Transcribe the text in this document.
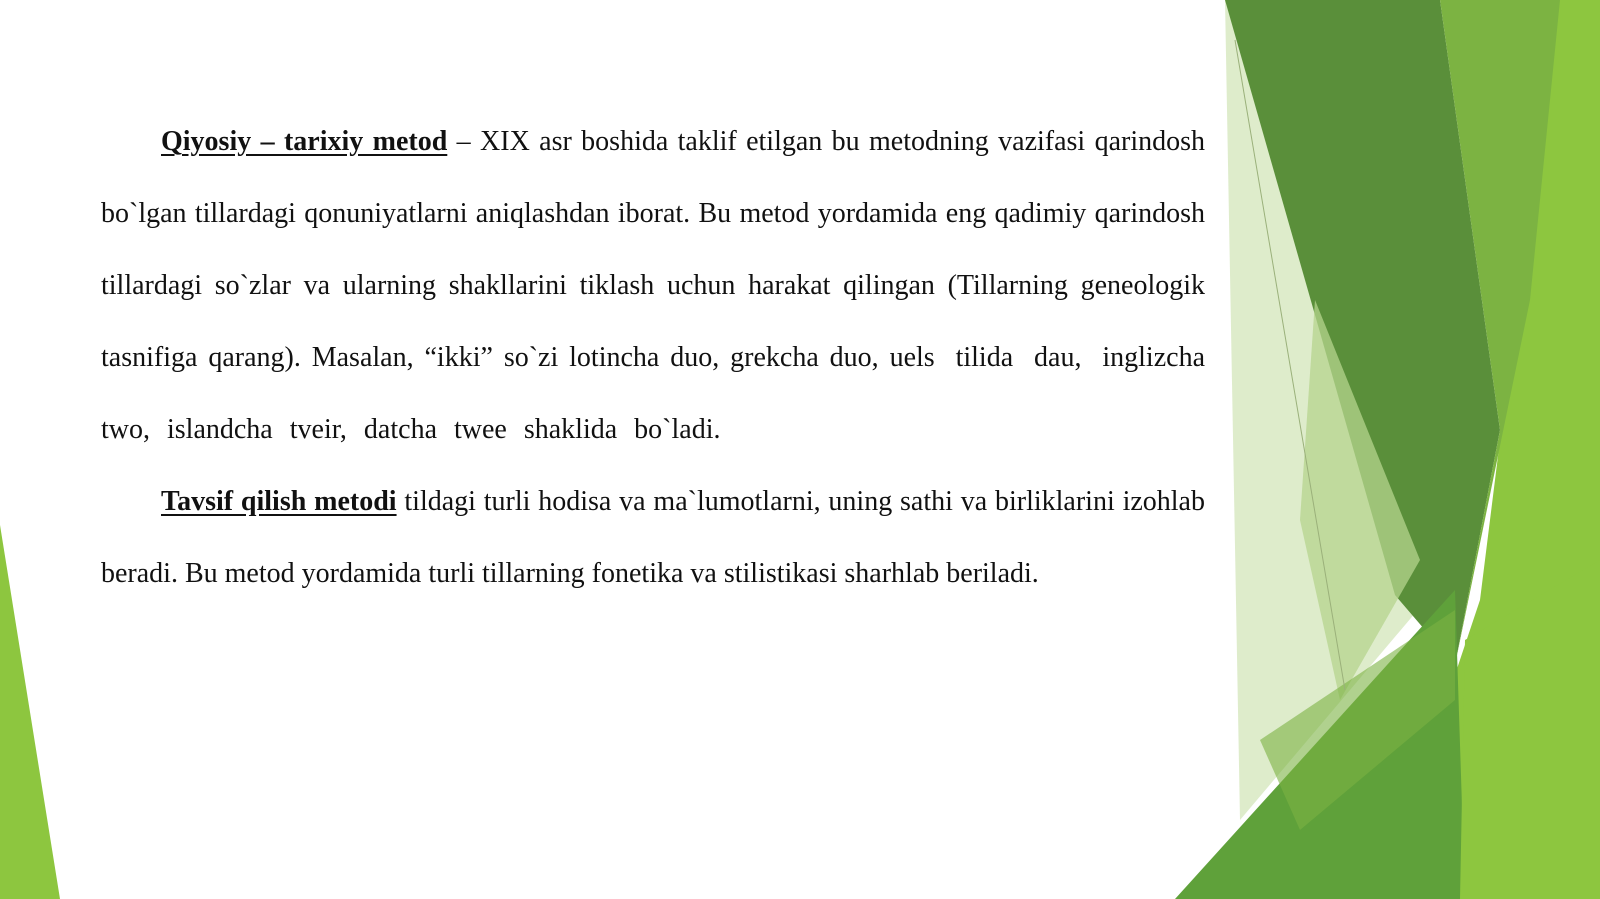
Qiyosiy – tarixiy metod – XIX asr boshida taklif etilgan bu metodning vazifasi qarindosh bo`lgan tillardagi qonuniyatlarni aniqlashdan iborat. Bu metod yordamida eng qadimiy qarindosh tillardagi so`zlar va ularning shakllarini tiklash uchun harakat qilingan (Tillarning geneologik tasnifiga qarang). Masalan, “ikki” so`zi lotincha duo, grekcha duo, uels tilida dau, inglizcha two, islandcha tveir, datcha twee shaklida bo`ladi.

Tavsif qilish metodi tildagi turli hodisa va ma`lumotlarni, uning sathi va birliklarini izohlab beradi. Bu metod yordamida turli tillarning fonetika va stilistikasi sharhlab beriladi.
